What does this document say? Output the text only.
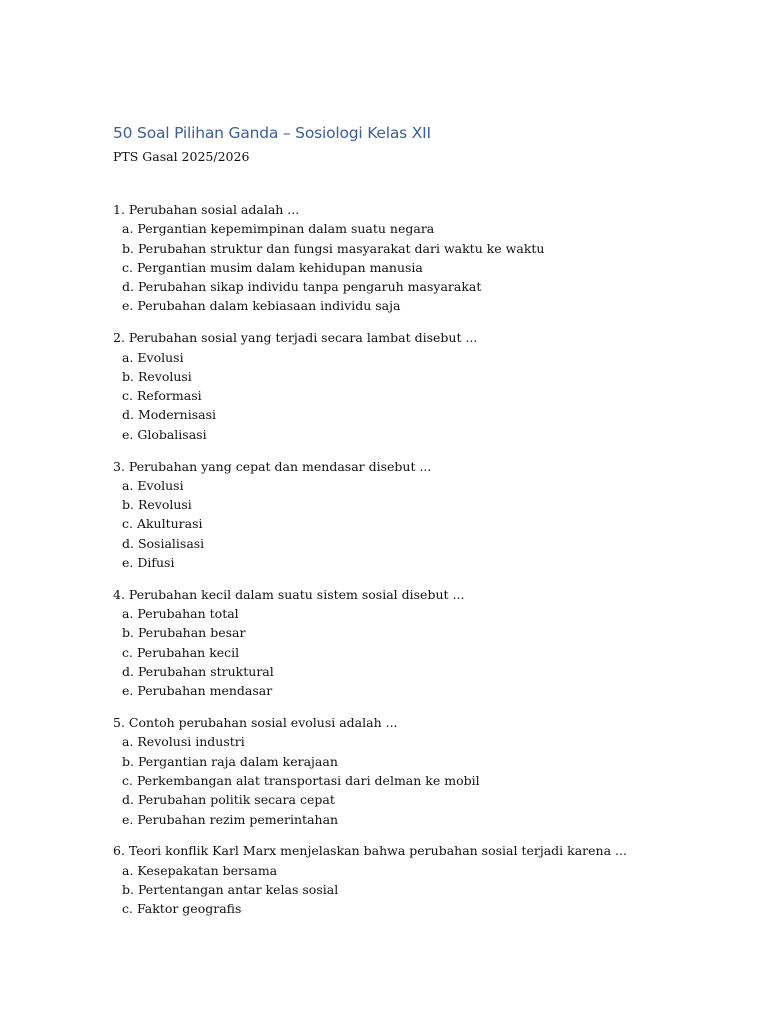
50 Soal Pilihan Ganda – Sosiologi Kelas XII
PTS Gasal 2025/2026
1. Perubahan sosial adalah ...
a. Pergantian kepemimpinan dalam suatu negara
b. Perubahan struktur dan fungsi masyarakat dari waktu ke waktu
c. Pergantian musim dalam kehidupan manusia
d. Perubahan sikap individu tanpa pengaruh masyarakat
e. Perubahan dalam kebiasaan individu saja
2. Perubahan sosial yang terjadi secara lambat disebut ...
a. Evolusi
b. Revolusi
c. Reformasi
d. Modernisasi
e. Globalisasi
3. Perubahan yang cepat dan mendasar disebut ...
a. Evolusi
b. Revolusi
c. Akulturasi
d. Sosialisasi
e. Difusi
4. Perubahan kecil dalam suatu sistem sosial disebut ...
a. Perubahan total
b. Perubahan besar
c. Perubahan kecil
d. Perubahan struktural
e. Perubahan mendasar
5. Contoh perubahan sosial evolusi adalah ...
a. Revolusi industri
b. Pergantian raja dalam kerajaan
c. Perkembangan alat transportasi dari delman ke mobil
d. Perubahan politik secara cepat
e. Perubahan rezim pemerintahan
6. Teori konflik Karl Marx menjelaskan bahwa perubahan sosial terjadi karena ...
a. Kesepakatan bersama
b. Pertentangan antar kelas sosial
c. Faktor geografis
